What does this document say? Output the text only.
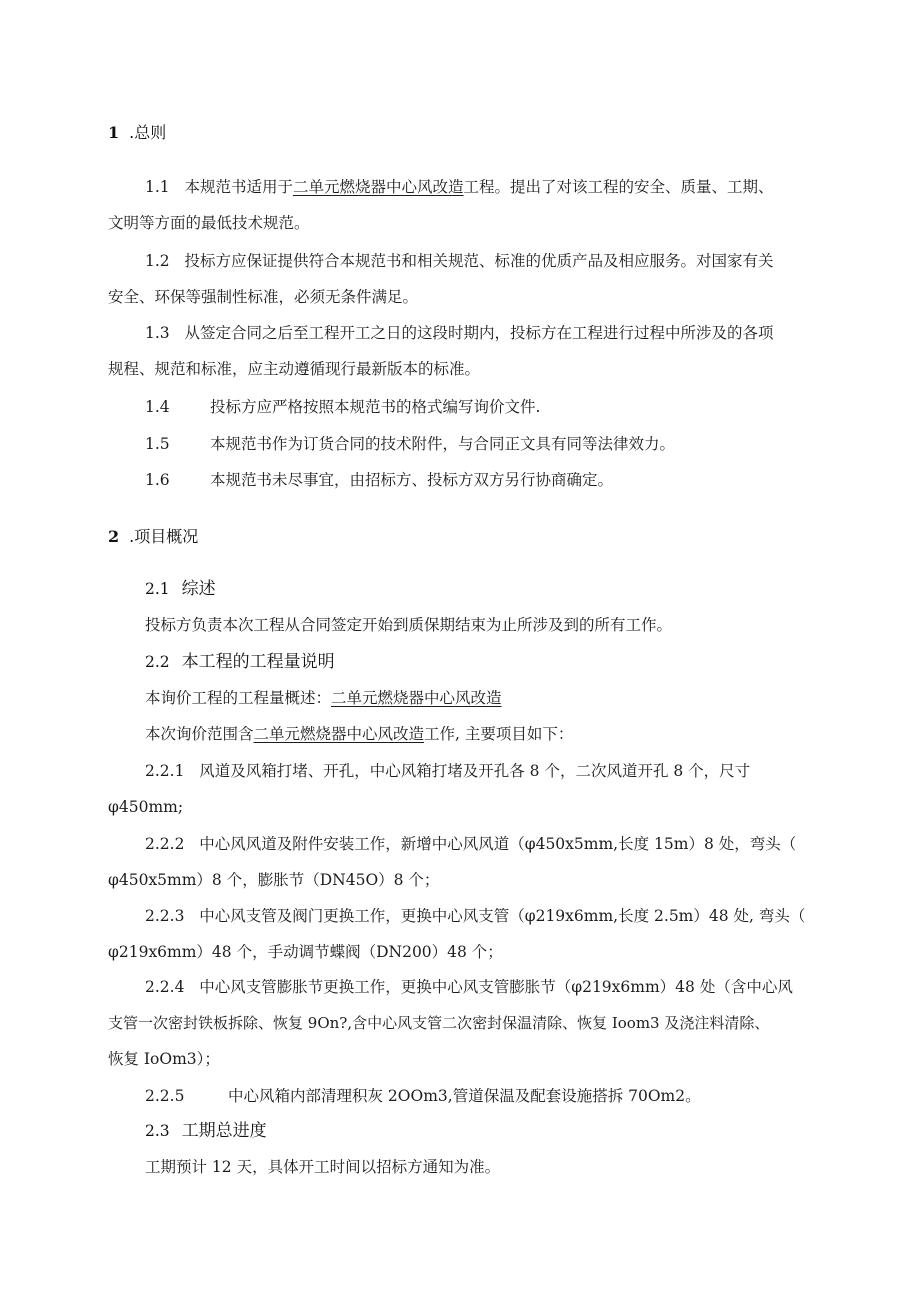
1 .总则

1.1 本规范书适用于二单元燃烧器中心风改造工程。提出了对该工程的安全、质量、工期、

文明等方面的最低技术规范。

1.2 投标方应保证提供符合本规范书和相关规范、标准的优质产品及相应服务。对国家有关

安全、环保等强制性标准，必须无条件满足。

1.3 从签定合同之后至工程开工之日的这段时期内，投标方在工程进行过程中所涉及的各项

规程、规范和标准，应主动遵循现行最新版本的标准。

1.4	投标方应严格按照本规范书的格式编写询价文件.

1.5	本规范书作为订货合同的技术附件，与合同正文具有同等法律效力。

1.6	本规范书未尽事宜，由招标方、投标方双方另行协商确定。

2 .项目概况
2.1 综述

投标方负责本次工程从合同签定开始到质保期结束为止所涉及到的所有工作。

2.2 本工程的工程量说明

本询价工程的工程量概述：二单元燃烧器中心风改造

本次询价范围含二单元燃烧器中心风改造工作, 主要项目如下：

2.2.1 风道及风箱打堵、开孔，中心风箱打堵及开孔各 8 个，二次风道开孔 8 个，尺寸

φ450mm;

2.2.2 中心风风道及附件安装工作，新增中心风风道（φ450x5mm,长度 15m）8 处，弯头（

φ450x5mm）8 个，膨胀节（DN45O）8 个；

2.2.3 中心风支管及阀门更换工作，更换中心风支管（φ219x6mm,长度 2.5m）48 处, 弯头（

φ219x6mm）48 个，手动调节蝶阀（DN200）48 个；

2.2.4 中心风支管膨胀节更换工作，更换中心风支管膨胀节（φ219x6mm）48 处（含中心风

支管一次密封铁板拆除、恢复 9On?,含中心风支管二次密封保温清除、恢复 Ioom3 及浇注料清除、

恢复 IoOm3）；

2.2.5	中心风箱内部清理积灰 2OOm3,管道保温及配套设施搭拆 70Om2。

2.3 工期总进度

工期预计 12 天，具体开工时间以招标方通知为准。
